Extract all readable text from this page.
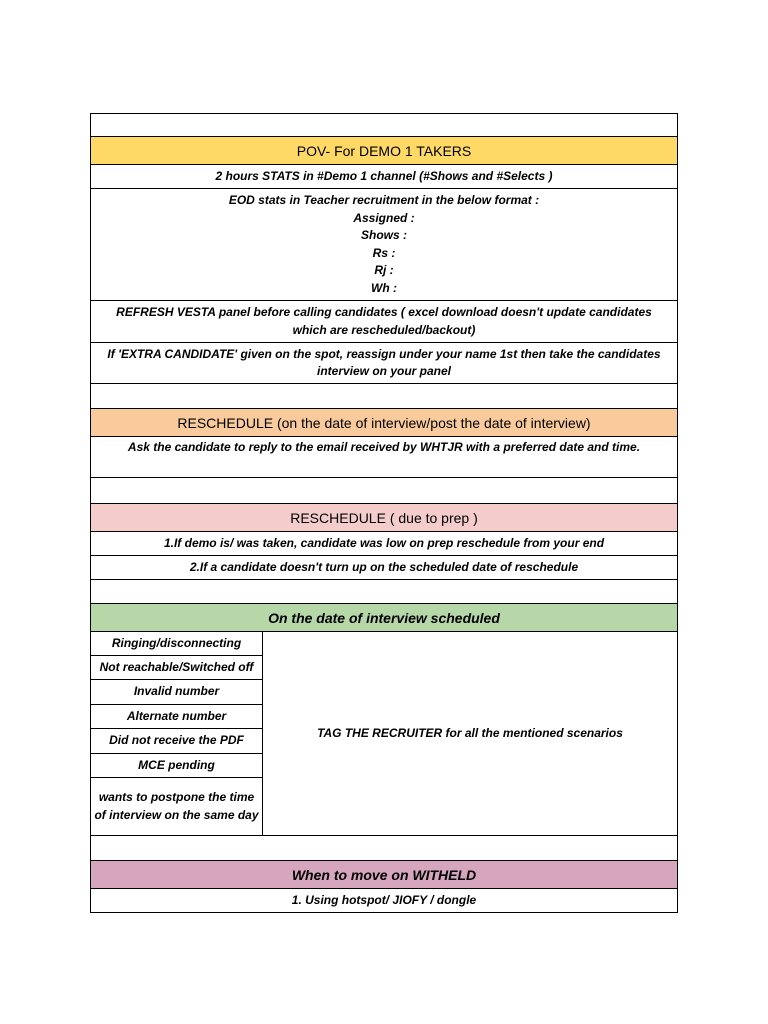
POV- For DEMO 1 TAKERS
2 hours STATS in #Demo 1 channel (#Shows and #Selects )
EOD stats in Teacher recruitment in the below format :
Assigned :
Shows :
Rs :
Rj :
Wh :
REFRESH VESTA panel before calling candidates ( excel download doesn't update candidates
which are rescheduled/backout)
If 'EXTRA CANDIDATE' given on the spot, reassign under your name 1st then take the candidates
interview on your panel
RESCHEDULE (on the date of interview/post the date of interview)
Ask the candidate to reply to the email received by WHTJR with a preferred date and time.
RESCHEDULE ( due to prep )
1.If demo is/ was taken, candidate was low on prep reschedule from your end
2.If a candidate doesn't turn up on the scheduled date of reschedule
On the date of interview scheduled
Ringing/disconnecting
Not reachable/Switched off
Invalid number
Alternate number
Did not receive the PDF
MCE pending
wants to postpone the time of interview on the same day
TAG THE RECRUITER for all the mentioned scenarios
When to move on WITHELD
1. Using hotspot/ JIOFY / dongle
